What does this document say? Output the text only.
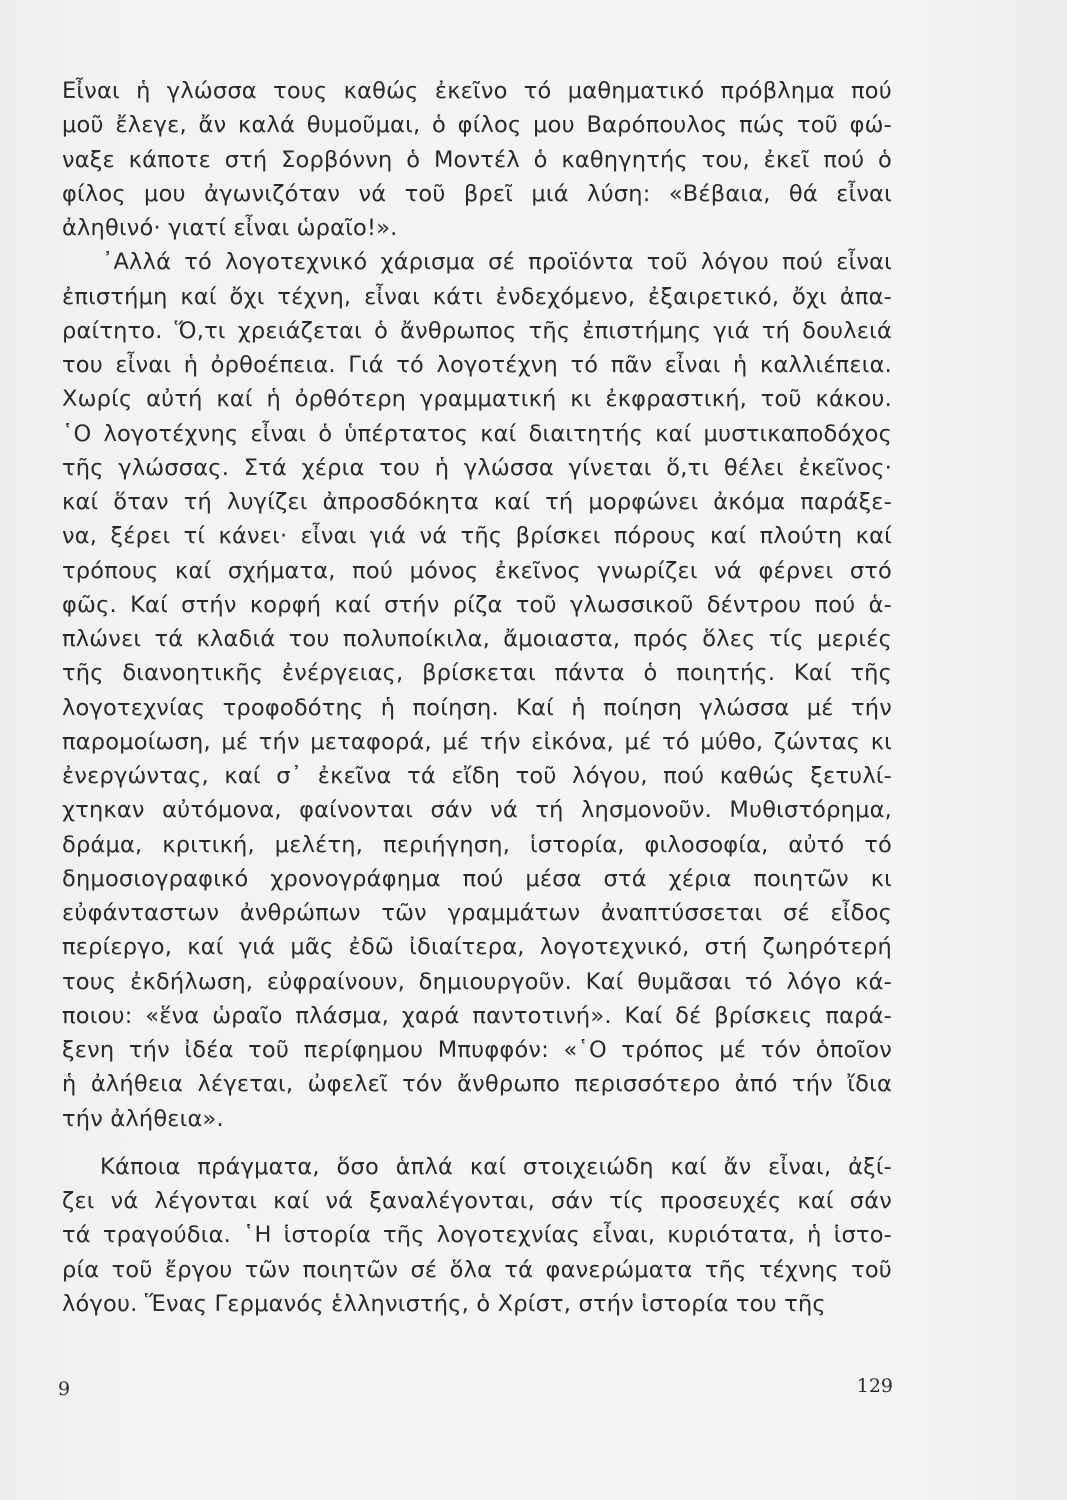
Εἶναι ἡ γλώσσα τους καθώς ἐκεῖνο τό μαθηματικό πρόβλημα πού
μοῦ ἔλεγε, ἄν καλά θυμοῦμαι, ὁ φίλος μου Βαρόπουλος πώς τοῦ φώ-
ναξε κάποτε στή Σορβόννη ὁ Μοντέλ ὁ καθηγητής του, ἐκεῖ πού ὁ
φίλος μου ἀγωνιζόταν νά τοῦ βρεῖ μιά λύση: «Βέβαια, θά εἶναι
ἀληθινό· γιατί εἶναι ὡραῖο!».
᾿Αλλά τό λογοτεχνικό χάρισμα σέ προϊόντα τοῦ λόγου πού εἶναι
ἐπιστήμη καί ὄχι τέχνη, εἶναι κάτι ἐνδεχόμενο, ἐξαιρετικό, ὄχι ἀπα-
ραίτητο. Ὅ,τι χρειάζεται ὁ ἄνθρωπος τῆς ἐπιστήμης γιά τή δουλειά
του εἶναι ἡ ὀρθοέπεια. Γιά τό λογοτέχνη τό πᾶν εἶναι ἡ καλλιέπεια.
Χωρίς αὐτή καί ἡ ὀρθότερη γραμματική κι ἐκφραστική, τοῦ κάκου.
῾Ο λογοτέχνης εἶναι ὁ ὑπέρτατος καί διαιτητής καί μυστικαποδόχος
τῆς γλώσσας. Στά χέρια του ἡ γλώσσα γίνεται ὅ,τι θέλει ἐκεῖνος·
καί ὅταν τή λυγίζει ἀπροσδόκητα καί τή μορφώνει ἀκόμα παράξε-
να, ξέρει τί κάνει· εἶναι γιά νά τῆς βρίσκει πόρους καί πλούτη καί
τρόπους καί σχήματα, πού μόνος ἐκεῖνος γνωρίζει νά φέρνει στό
φῶς. Καί στήν κορφή καί στήν ρίζα τοῦ γλωσσικοῦ δέντρου πού ἁ-
πλώνει τά κλαδιά του πολυποίκιλα, ἄμοιαστα, πρός ὅλες τίς μεριές
τῆς διανοητικῆς ἐνέργειας, βρίσκεται πάντα ὁ ποιητής. Καί τῆς
λογοτεχνίας τροφοδότης ἡ ποίηση. Καί ἡ ποίηση γλώσσα μέ τήν
παρομοίωση, μέ τήν μεταφορά, μέ τήν εἰκόνα, μέ τό μύθο, ζώντας κι
ἐνεργώντας, καί σ᾿ ἐκεῖνα τά εἴδη τοῦ λόγου, πού καθώς ξετυλί-
χτηκαν αὐτόμονα, φαίνονται σάν νά τή λησμονοῦν. Μυθιστόρημα,
δράμα, κριτική, μελέτη, περιήγηση, ἱστορία, φιλοσοφία, αὐτό τό
δημοσιογραφικό χρονογράφημα πού μέσα στά χέρια ποιητῶν κι
εὐφάνταστων ἀνθρώπων τῶν γραμμάτων ἀναπτύσσεται σέ εἶδος
περίεργο, καί γιά μᾶς ἐδῶ ἰδιαίτερα, λογοτεχνικό, στή ζωηρότερή
τους ἐκδήλωση, εὐφραίνουν, δημιουργοῦν. Καί θυμᾶσαι τό λόγο κά-
ποιου: «ἕνα ὡραῖο πλάσμα, χαρά παντοτινή». Καί δέ βρίσκεις παρά-
ξενη τήν ἰδέα τοῦ περίφημου Μπυφφόν: «῾Ο τρόπος μέ τόν ὁποῖον
ἡ ἀλήθεια λέγεται, ὠφελεῖ τόν ἄνθρωπο περισσότερο ἀπό τήν ἴδια
τήν ἀλήθεια».
Κάποια πράγματα, ὅσο ἁπλά καί στοιχειώδη καί ἄν εἶναι, ἀξί-
ζει νά λέγονται καί νά ξαναλέγονται, σάν τίς προσευχές καί σάν
τά τραγούδια. ῾Η ἱστορία τῆς λογοτεχνίας εἶναι, κυριότατα, ἡ ἱστο-
ρία τοῦ ἔργου τῶν ποιητῶν σέ ὅλα τά φανερώματα τῆς τέχνης τοῦ
λόγου. Ἕνας Γερμανός ἑλληνιστής, ὁ Χρίστ, στήν ἱστορία του τῆς
9	129
